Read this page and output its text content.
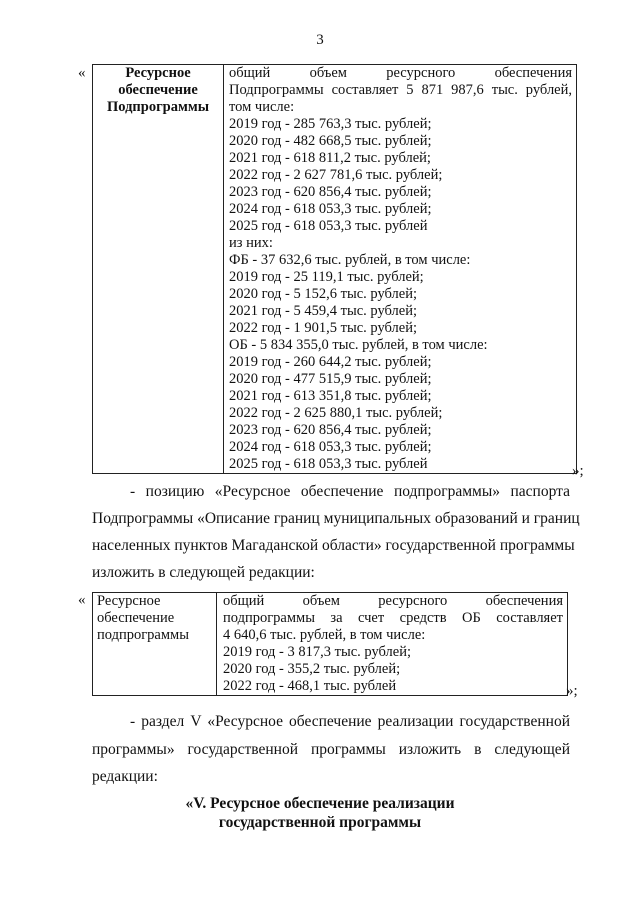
3
«	Ресурсное
обеспечение
Подпрограммы

общий объем ресурсного обеспечения
Подпрограммы составляет 5 871 987,6 тыс. рублей,
том числе:
2019 год - 285 763,3 тыс. рублей;
2020 год - 482 668,5 тыс. рублей;
2021 год - 618 811,2 тыс. рублей;
2022 год - 2 627 781,6 тыс. рублей;
2023 год - 620 856,4 тыс. рублей;
2024 год - 618 053,3 тыс. рублей;
2025 год - 618 053,3 тыс. рублей
из них:
ФБ - 37 632,6 тыс. рублей, в том числе:
2019 год - 25 119,1 тыс. рублей;
2020 год - 5 152,6 тыс. рублей;
2021 год - 5 459,4 тыс. рублей;
2022 год - 1 901,5 тыс. рублей;
ОБ - 5 834 355,0 тыс. рублей, в том числе:
2019 год - 260 644,2 тыс. рублей;
2020 год - 477 515,9 тыс. рублей;
2021 год - 613 351,8 тыс. рублей;
2022 год - 2 625 880,1 тыс. рублей;
2023 год - 620 856,4 тыс. рублей;
2024 год - 618 053,3 тыс. рублей;
2025 год - 618 053,3 тыс. рублей	»;
- позицию «Ресурсное обеспечение подпрограммы» паспорта
Подпрограммы «Описание границ муниципальных образований и границ
населенных пунктов Магаданской области» государственной программы
изложить в следующей редакции:
« Ресурсное
обеспечение
подпрограммы

общий объем ресурсного обеспечения
подпрограммы за счет средств ОБ составляет
4 640,6 тыс. рублей, в том числе:
2019 год - 3 817,3 тыс. рублей;
2020 год - 355,2 тыс. рублей;
2022 год - 468,1 тыс. рублей	»;
- раздел V «Ресурсное обеспечение реализации государственной
программы» государственной программы изложить в следующей
редакции:
«V. Ресурсное обеспечение реализации
государственной программы
